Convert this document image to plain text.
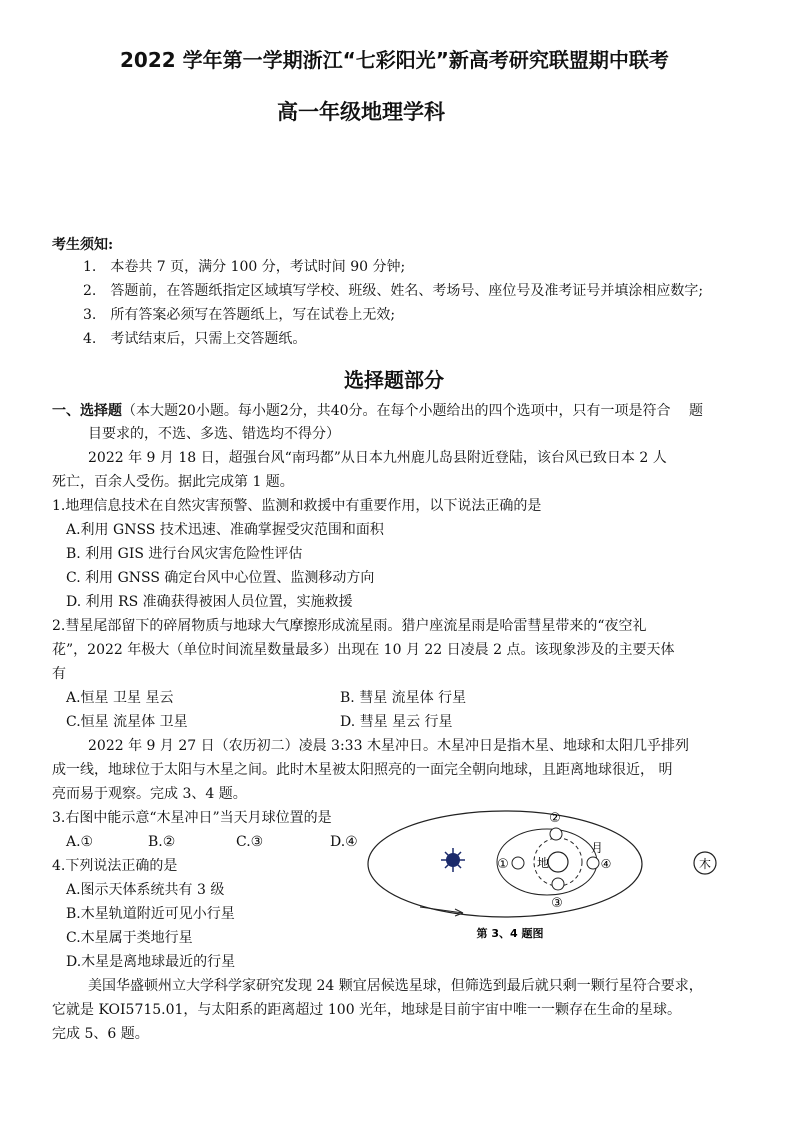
2022 学年第一学期浙江“七彩阳光”新高考研究联盟期中联考
高一年级地理学科
考生须知:
1.　本卷共 7 页，满分 100 分，考试时间 90 分钟;
2.　答题前，在答题纸指定区域填写学校、班级、姓名、考场号、座位号及准考证号并填涂相应数字;
3.　所有答案必须写在答题纸上，写在试卷上无效;
4.　考试结束后，只需上交答题纸。
选择题部分
一、选择题（本大题20小题。每小题2分，共40分。在每个小题给出的四个选项中，只有一项是符合　 题
目要求的，不选、多选、错选均不得分）
2022 年 9 月 18 日，超强台风“南玛都”从日本九州鹿儿岛县附近登陆，该台风已致日本 2 人
死亡，百余人受伤。据此完成第 1 题。
1.地理信息技术在自然灾害预警、监测和救援中有重要作用，以下说法正确的是
A.利用 GNSS 技术迅速、准确掌握受灾范围和面积
B. 利用 GIS 进行台风灾害危险性评估
C. 利用 GNSS 确定台风中心位置、监测移动方向
D. 利用 RS 准确获得被困人员位置，实施救援
2.彗星尾部留下的碎屑物质与地球大气摩擦形成流星雨。猎户座流星雨是哈雷彗星带来的“夜空礼
花”，2022 年极大（单位时间流星数量最多）出现在 10 月 22 日凌晨 2 点。该现象涉及的主要天体
有
A.恒星 卫星 星云	B. 彗星 流星体 行星
C.恒星 流星体 卫星	D. 彗星 星云 行星
2022 年 9 月 27 日（农历初二）凌晨 3:33 木星冲日。木星冲日是指木星、地球和太阳几乎排列
成一线，地球位于太阳与木星之间。此时木星被太阳照亮的一面完全朝向地球，且距离地球很近， 明
亮而易于观察。完成 3、4 题。
3.右图中能示意“木星冲日”当天月球位置的是
A.①	B.②	C.③	D.④
4.下列说法正确的是
A.图示天体系统共有 3 级
B.木星轨道附近可见小行星
C.木星属于类地行星
D.木星是离地球最近的行星
地
①
②
③
④
月
木
第 3、4 题图
美国华盛顿州立大学科学家研究发现 24 颗宜居候选星球，但筛选到最后就只剩一颗行星符合要求，
它就是 KOI5715.01，与太阳系的距离超过 100 光年，地球是目前宇宙中唯一一颗存在生命的星球。
完成 5、6 题。
